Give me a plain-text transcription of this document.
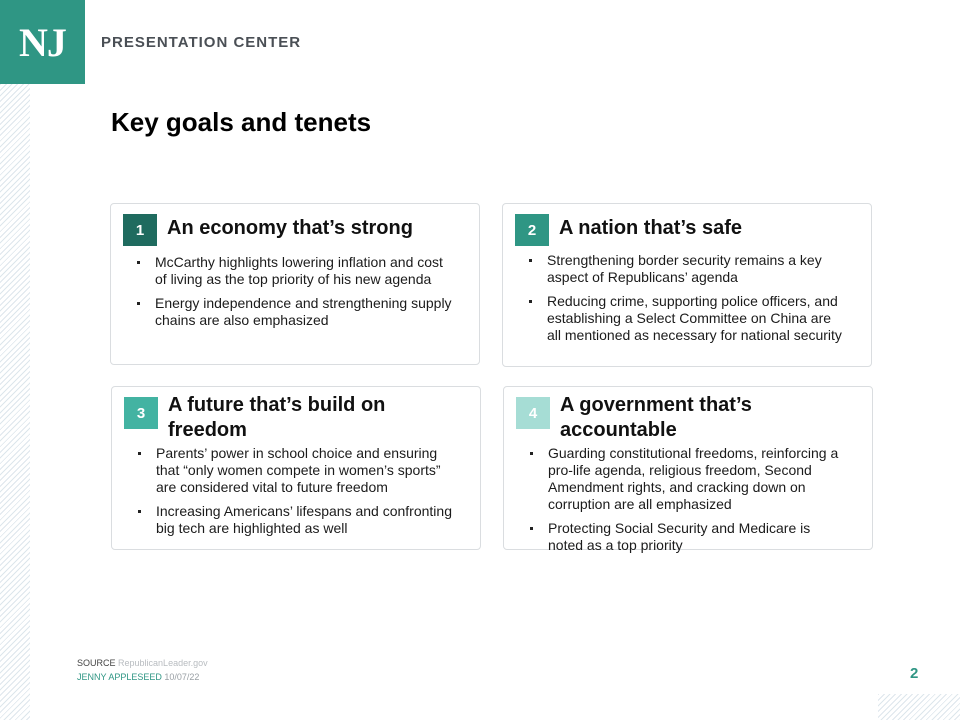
NJ PRESENTATION CENTER
Key goals and tenets
1 An economy that’s strong
McCarthy highlights lowering inflation and cost of living as the top priority of his new agenda
Energy independence and strengthening supply chains are also emphasized
2 A nation that’s safe
Strengthening border security remains a key aspect of Republicans’ agenda
Reducing crime, supporting police officers, and establishing a Select Committee on China are all mentioned as necessary for national security
3 A future that’s build on freedom
Parents’ power in school choice and ensuring that “only women compete in women’s sports” are considered vital to future freedom
Increasing Americans’ lifespans and confronting big tech are highlighted as well
4 A government that’s accountable
Guarding constitutional freedoms, reinforcing a pro-life agenda, religious freedom, Second Amendment rights, and cracking down on corruption are all emphasized
Protecting Social Security and Medicare is noted as a top priority
SOURCE RepublicanLeader.gov
JENNY APPLESEED 10/07/22	2
